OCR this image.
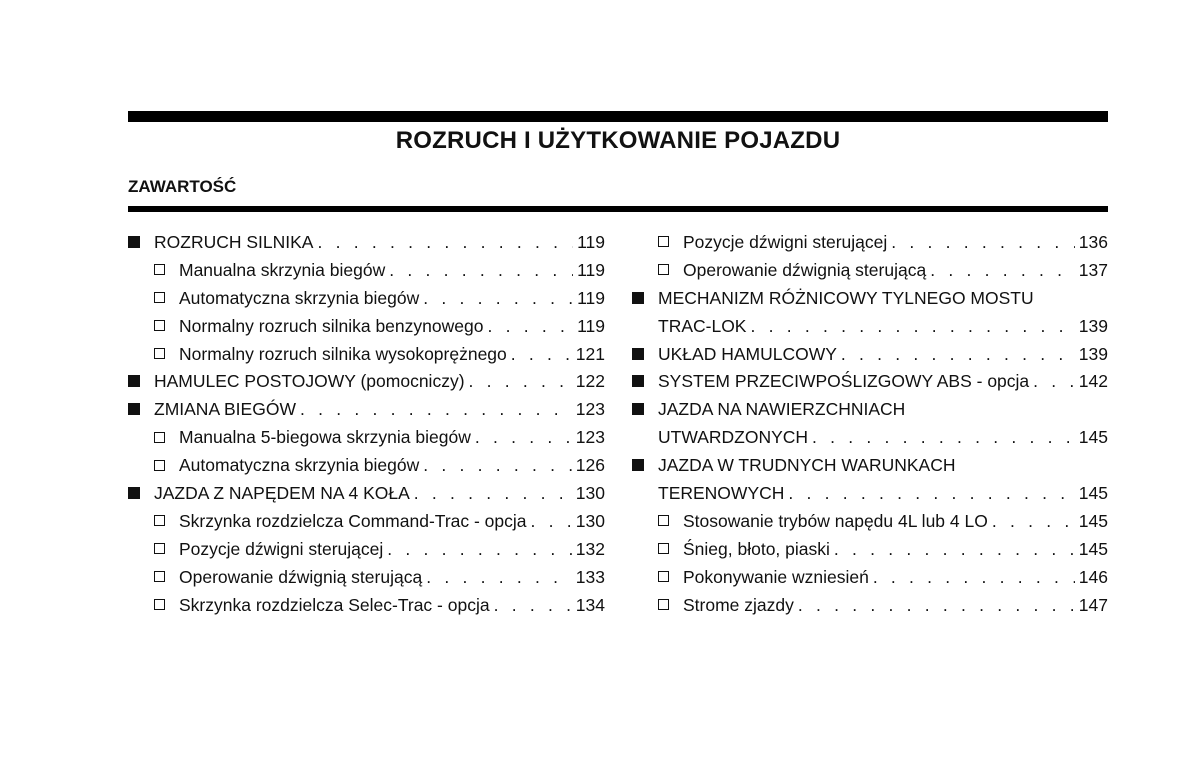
ROZRUCH I UŻYTKOWANIE POJAZDU
ZAWARTOŚĆ
ROZRUCH SILNIKA . . .	119
Manualna skrzynia biegów . . .	119
Automatyczna skrzynia biegów . . .	119
Normalny rozruch silnika benzynowego . . .	119
Normalny rozruch silnika wysokoprężnego . . .	121
HAMULEC POSTOJOWY (pomocniczy) . . .	122
ZMIANA BIEGÓW . . .	123
Manualna 5-biegowa skrzynia biegów . . .	123
Automatyczna skrzynia biegów . . .	126
JAZDA Z NAPĘDEM NA 4 KOŁA . . .	130
Skrzynka rozdzielcza Command-Trac - opcja . . .	130
Pozycje dźwigni sterującej . . .	132
Operowanie dźwignią sterującą . . .	133
Skrzynka rozdzielcza Selec-Trac - opcja . . .	134
Pozycje dźwigni sterującej . . .	136
Operowanie dźwignią sterującą . . .	137
MECHANIZM RÓŻNICOWY TYLNEGO MOSTU
TRAC-LOK . . .	139
UKŁAD HAMULCOWY . . .	139
SYSTEM PRZECIWPOŚLIZGOWY ABS - opcja . . .	142
JAZDA NA NAWIERZCHNIACH
UTWARDZONYCH . . .	145
JAZDA W TRUDNYCH WARUNKACH
TERENOWYCH . . .	145
Stosowanie trybów napędu 4L lub 4 LO . . .	145
Śnieg, błoto, piaski . . .	145
Pokonywanie wzniesień . . .	146
Strome zjazdy . . .	147
